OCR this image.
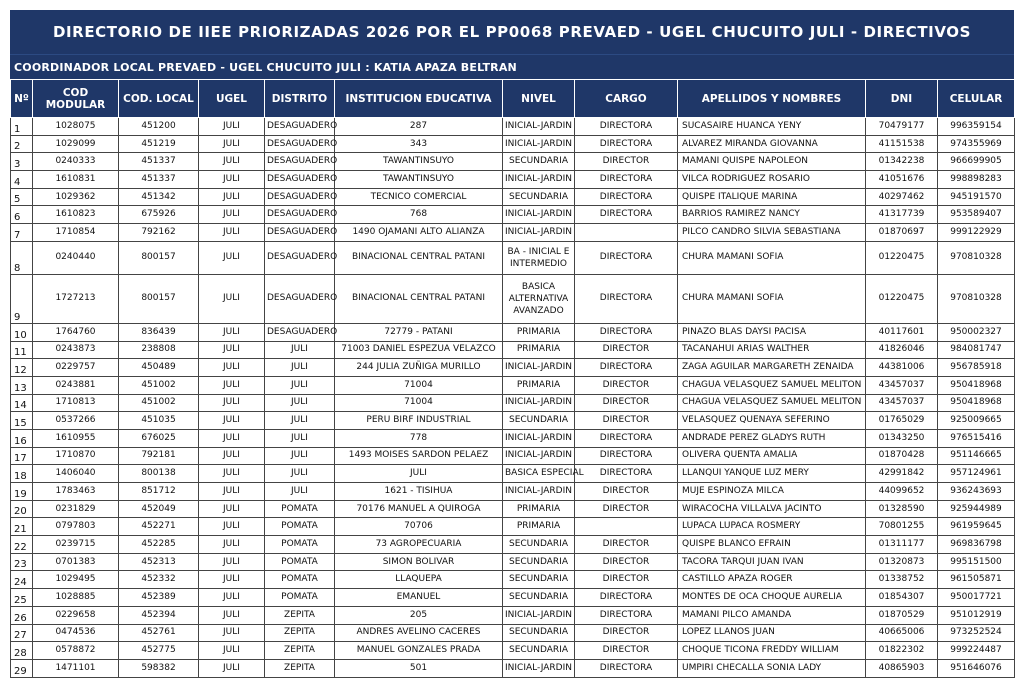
DIRECTORIO DE IIEE PRIORIZADAS 2026 POR EL PP0068 PREVAED - UGEL CHUCUITO JULI - DIRECTIVOS
COORDINADOR LOCAL PREVAED - UGEL CHUCUITO JULI : KATIA APAZA BELTRAN
Nº	COD MODULAR	COD. LOCAL	UGEL	DISTRITO	INSTITUCION EDUCATIVA	NIVEL	CARGO	APELLIDOS Y NOMBRES	DNI	CELULAR
1	1028075	451200	JULI	DESAGUADERO	287	INICIAL-JARDIN	DIRECTORA	SUCASAIRE HUANCA YENY	70479177	996359154
2	1029099	451219	JULI	DESAGUADERO	343	INICIAL-JARDIN	DIRECTORA	ALVAREZ MIRANDA GIOVANNA	41151538	974355969
3	0240333	451337	JULI	DESAGUADERO	TAWANTINSUYO	SECUNDARIA	DIRECTOR	MAMANI QUISPE NAPOLEON	01342238	966699905
4	1610831	451337	JULI	DESAGUADERO	TAWANTINSUYO	INICIAL-JARDIN	DIRECTORA	VILCA RODRIGUEZ ROSARIO	41051676	998898283
5	1029362	451342	JULI	DESAGUADERO	TECNICO COMERCIAL	SECUNDARIA	DIRECTORA	QUISPE ITALIQUE MARINA	40297462	945191570
6	1610823	675926	JULI	DESAGUADERO	768	INICIAL-JARDIN	DIRECTORA	BARRIOS RAMIREZ NANCY	41317739	953589407
7	1710854	792162	JULI	DESAGUADERO	1490 OJAMANI ALTO ALIANZA	INICIAL-JARDIN		PILCO CANDRO SILVIA SEBASTIANA	01870697	999122929
8	0240440	800157	JULI	DESAGUADERO	BINACIONAL CENTRAL PATANI	BA - INICIAL E INTERMEDIO	DIRECTORA	CHURA MAMANI SOFIA	01220475	970810328
9	1727213	800157	JULI	DESAGUADERO	BINACIONAL CENTRAL PATANI	BASICA ALTERNATIVA AVANZADO	DIRECTORA	CHURA MAMANI SOFIA	01220475	970810328
10	1764760	836439	JULI	DESAGUADERO	72779 - PATANI	PRIMARIA	DIRECTORA	PINAZO BLAS DAYSI PACISA	40117601	950002327
11	0243873	238808	JULI	JULI	71003 DANIEL ESPEZUA VELAZCO	PRIMARIA	DIRECTOR	TACANAHUI ARIAS WALTHER	41826046	984081747
12	0229757	450489	JULI	JULI	244 JULIA ZUÑIGA MURILLO	INICIAL-JARDIN	DIRECTORA	ZAGA AGUILAR MARGARETH ZENAIDA	44381006	956785918
13	0243881	451002	JULI	JULI	71004	PRIMARIA	DIRECTOR	CHAGUA VELASQUEZ SAMUEL MELITON	43457037	950418968
14	1710813	451002	JULI	JULI	71004	INICIAL-JARDIN	DIRECTOR	CHAGUA VELASQUEZ SAMUEL MELITON	43457037	950418968
15	0537266	451035	JULI	JULI	PERU BIRF INDUSTRIAL	SECUNDARIA	DIRECTOR	VELASQUEZ QUENAYA SEFERINO	01765029	925009665
16	1610955	676025	JULI	JULI	778	INICIAL-JARDIN	DIRECTORA	ANDRADE PEREZ GLADYS RUTH	01343250	976515416
17	1710870	792181	JULI	JULI	1493 MOISES SARDON PELAEZ	INICIAL-JARDIN	DIRECTORA	OLIVERA QUENTA AMALIA	01870428	951146665
18	1406040	800138	JULI	JULI	JULI	BASICA ESPECIAL	DIRECTORA	LLANQUI YANQUE LUZ MERY	42991842	957124961
19	1783463	851712	JULI	JULI	1621 - TISIHUA	INICIAL-JARDIN	DIRECTOR	MUJE ESPINOZA MILCA	44099652	936243693
20	0231829	452049	JULI	POMATA	70176 MANUEL A QUIROGA	PRIMARIA	DIRECTOR	WIRACOCHA VILLALVA JACINTO	01328590	925944989
21	0797803	452271	JULI	POMATA	70706	PRIMARIA		LUPACA LUPACA ROSMERY	70801255	961959645
22	0239715	452285	JULI	POMATA	73 AGROPECUARIA	SECUNDARIA	DIRECTOR	QUISPE BLANCO EFRAIN	01311177	969836798
23	0701383	452313	JULI	POMATA	SIMON BOLIVAR	SECUNDARIA	DIRECTOR	TACORA TARQUI JUAN IVAN	01320873	995151500
24	1029495	452332	JULI	POMATA	LLAQUEPA	SECUNDARIA	DIRECTOR	CASTILLO APAZA ROGER	01338752	961505871
25	1028885	452389	JULI	POMATA	EMANUEL	SECUNDARIA	DIRECTORA	MONTES DE OCA CHOQUE AURELIA	01854307	950017721
26	0229658	452394	JULI	ZEPITA	205	INICIAL-JARDIN	DIRECTORA	MAMANI PILCO AMANDA	01870529	951012919
27	0474536	452761	JULI	ZEPITA	ANDRES AVELINO CACERES	SECUNDARIA	DIRECTOR	LOPEZ LLANOS JUAN	40665006	973252524
28	0578872	452775	JULI	ZEPITA	MANUEL GONZALES PRADA	SECUNDARIA	DIRECTOR	CHOQUE TICONA FREDDY WILLIAM	01822302	999224487
29	1471101	598382	JULI	ZEPITA	501	INICIAL-JARDIN	DIRECTORA	UMPIRI CHECALLA SONIA LADY	40865903	951646076
